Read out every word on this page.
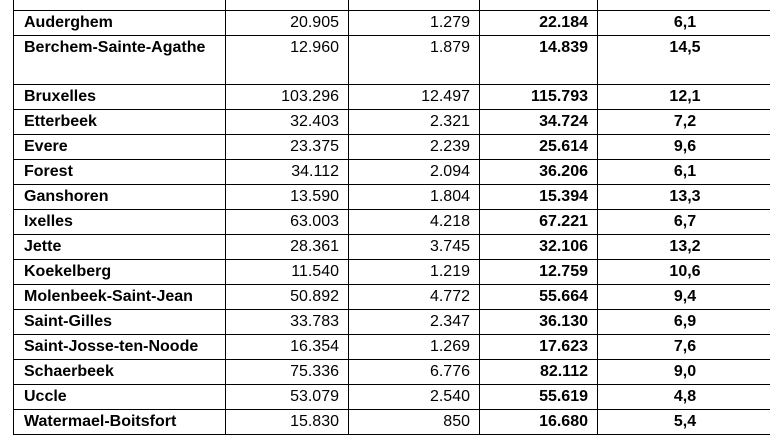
Auderghem	20.905	1.279	22.184	6,1
Berchem-Sainte-Agathe	12.960	1.879	14.839	14,5
Bruxelles	103.296	12.497	115.793	12,1
Etterbeek	32.403	2.321	34.724	7,2
Evere	23.375	2.239	25.614	9,6
Forest	34.112	2.094	36.206	6,1
Ganshoren	13.590	1.804	15.394	13,3
Ixelles	63.003	4.218	67.221	6,7
Jette	28.361	3.745	32.106	13,2
Koekelberg	11.540	1.219	12.759	10,6
Molenbeek-Saint-Jean	50.892	4.772	55.664	9,4
Saint-Gilles	33.783	2.347	36.130	6,9
Saint-Josse-ten-Noode	16.354	1.269	17.623	7,6
Schaerbeek	75.336	6.776	82.112	9,0
Uccle	53.079	2.540	55.619	4,8
Watermael-Boitsfort	15.830	850	16.680	5,4
